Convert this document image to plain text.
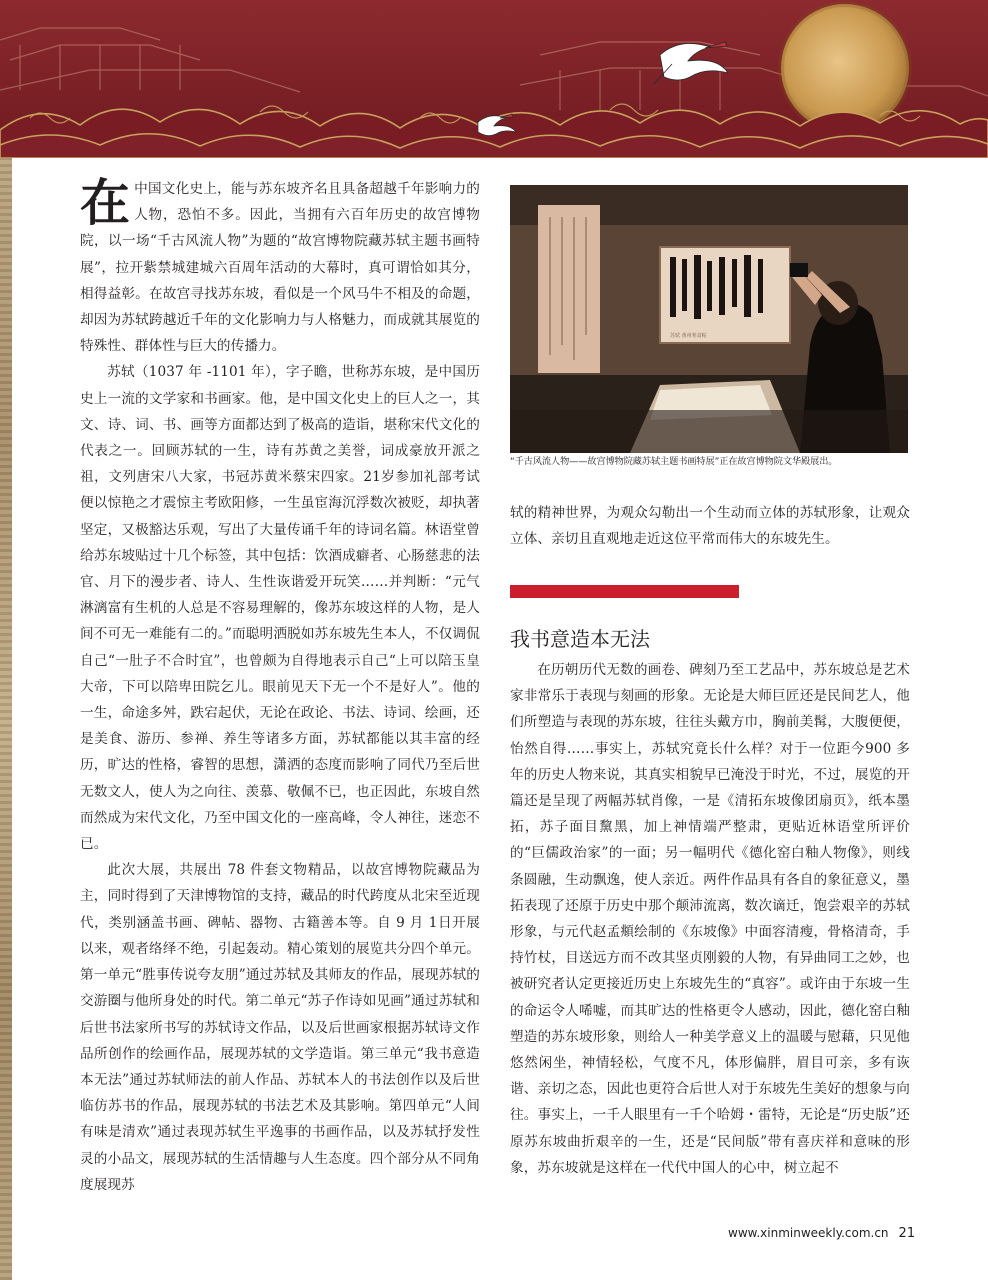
在中国文化史上，能与苏东坡齐名且具备超越千年影响力的人物，恐怕不多。因此，当拥有六百年历史的故宫博物院，以一场“千古风流人物”为题的“故宫博物院藏苏轼主题书画特展”，拉开紫禁城建城六百周年活动的大幕时，真可谓恰如其分，相得益彰。在故宫寻找苏东坡，看似是一个风马牛不相及的命题，却因为苏轼跨越近千年的文化影响力与人格魅力，而成就其展览的特殊性、群体性与巨大的传播力。

苏轼（1037 年 -1101 年），字子瞻，世称苏东坡，是中国历史上一流的文学家和书画家。他，是中国文化史上的巨人之一，其文、诗、词、书、画等方面都达到了极高的造诣，堪称宋代文化的代表之一。回顾苏轼的一生，诗有苏黄之美誉，词成豪放开派之祖，文列唐宋八大家，书冠苏黄米蔡宋四家。21岁参加礼部考试便以惊艳之才震惊主考欧阳修，一生虽宦海沉浮数次被贬，却执著坚定，又极豁达乐观，写出了大量传诵千年的诗词名篇。林语堂曾给苏东坡贴过十几个标签，其中包括：饮酒成癖者、心肠慈悲的法官、月下的漫步者、诗人、生性诙谐爱开玩笑……并判断：“元气淋漓富有生机的人总是不容易理解的，像苏东坡这样的人物，是人间不可无一难能有二的。”而聪明洒脱如苏东坡先生本人，不仅调侃自己“一肚子不合时宜”，也曾颇为自得地表示自己“上可以陪玉皇大帝，下可以陪卑田院乞儿。眼前见天下无一个不是好人”。他的一生，命途多舛，跌宕起伏，无论在政论、书法、诗词、绘画，还是美食、游历、参禅、养生等诸多方面，苏轼都能以其丰富的经历，旷达的性格，睿智的思想，潇洒的态度而影响了同代乃至后世无数文人，使人为之向往、羡慕、敬佩不已，也正因此，东坡自然而然成为宋代文化，乃至中国文化的一座高峰，令人神往，迷恋不已。

此次大展，共展出 78 件套文物精品，以故宫博物院藏品为主，同时得到了天津博物馆的支持，藏品的时代跨度从北宋至近现代，类别涵盖书画、碑帖、器物、古籍善本等。自 9 月 1日开展以来，观者络绎不绝，引起轰动。精心策划的展览共分四个单元。第一单元“胜事传说夸友朋”通过苏轼及其师友的作品，展现苏轼的交游圈与他所身处的时代。第二单元“苏子作诗如见画”通过苏轼和后世书法家所书写的苏轼诗文作品，以及后世画家根据苏轼诗文作品所创作的绘画作品，展现苏轼的文学造诣。第三单元“我书意造本无法”通过苏轼师法的前人作品、苏轼本人的书法创作以及后世临仿苏书的作品，展现苏轼的书法艺术及其影响。第四单元“人间有味是清欢”通过表现苏轼生平逸事的书画作品，以及苏轼抒发性灵的小品文，展现苏轼的生活情趣与人生态度。四个部分从不同角度展现苏

苏轼 黄州寒食帖
“千古风流人物——故宫博物院藏苏轼主题书画特展”正在故宫博物院文华殿展出。

轼的精神世界，为观众勾勒出一个生动而立体的苏轼形象，让观众立体、亲切且直观地走近这位平常而伟大的东坡先生。

我书意造本无法

在历朝历代无数的画卷、碑刻乃至工艺品中，苏东坡总是艺术家非常乐于表现与刻画的形象。无论是大师巨匠还是民间艺人，他们所塑造与表现的苏东坡，往往头戴方巾，胸前美髯，大腹便便，怡然自得……事实上，苏轼究竟长什么样？对于一位距今900 多年的历史人物来说，其真实相貌早已淹没于时光，不过，展览的开篇还是呈现了两幅苏轼肖像，一是《清拓东坡像团扇页》，纸本墨拓，苏子面目黧黑，加上神情端严整肃，更贴近林语堂所评价的“巨儒政治家”的一面；另一幅明代《德化窑白釉人物像》，则线条圆融，生动飘逸，使人亲近。两件作品具有各自的象征意义，墨拓表现了还原于历史中那个颠沛流离，数次谪迁，饱尝艰辛的苏轼形象，与元代赵孟頫绘制的《东坡像》中面容清瘦，骨格清奇，手持竹杖，目送远方而不改其坚贞刚毅的人物，有异曲同工之妙，也被研究者认定更接近历史上东坡先生的“真容”。或许由于东坡一生的命运令人唏嘘，而其旷达的性格更令人感动，因此，德化窑白釉塑造的苏东坡形象，则给人一种美学意义上的温暖与慰藉，只见他悠然闲坐，神情轻松，气度不凡，体形偏胖，眉目可亲，多有诙谐、亲切之态，因此也更符合后世人对于东坡先生美好的想象与向往。事实上，一千人眼里有一千个哈姆・雷特，无论是“历史版”还原苏东坡曲折艰辛的一生，还是“民间版”带有喜庆祥和意味的形象，苏东坡就是这样在一代代中国人的心中，树立起不

www.xinminweekly.com.cn 21
